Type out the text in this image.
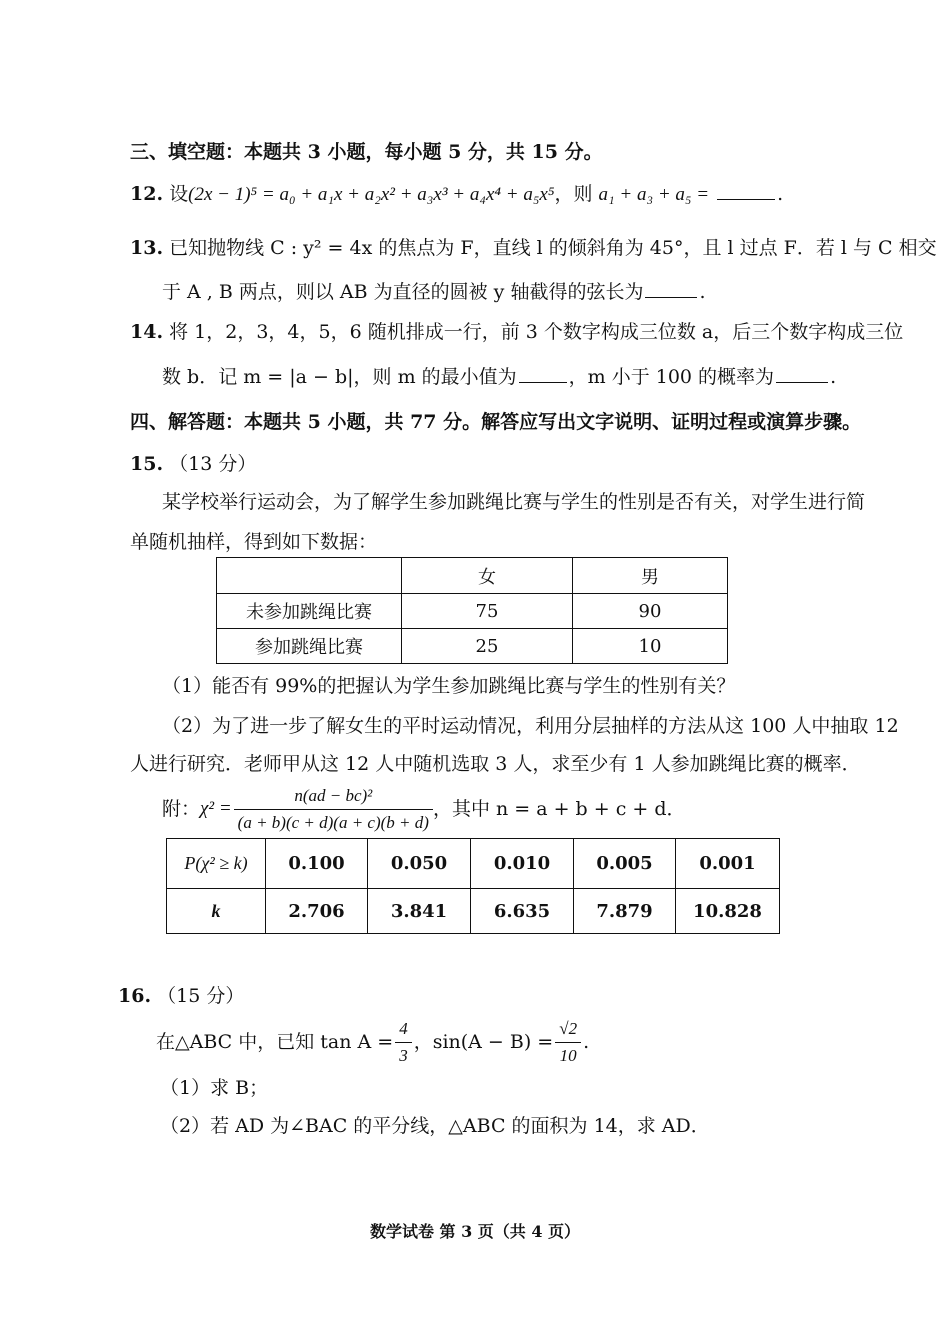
三、填空题：本题共 3 小题，每小题 5 分，共 15 分。
12. 设(2x − 1)⁵ = a₀ + a₁x + a₂x² + a₃x³ + a₄x⁴ + a₅x⁵，则 a₁ + a₃ + a₅ =	.
13. 已知抛物线 C : y² = 4x 的焦点为 F，直线 l 的倾斜角为 45°，且 l 过点 F．若 l 与 C 相交
于 A , B 两点，则以 AB 为直径的圆被 y 轴截得的弦长为	.
14. 将 1，2，3，4，5，6 随机排成一行，前 3 个数字构成三位数 a，后三个数字构成三位
数 b．记 m = |a − b|，则 m 的最小值为	，m 小于 100 的概率为	.
四、解答题：本题共 5 小题，共 77 分。解答应写出文字说明、证明过程或演算步骤。
15. （13 分）
某学校举行运动会，为了解学生参加跳绳比赛与学生的性别是否有关，对学生进行简
单随机抽样，得到如下数据：
	女	男
未参加跳绳比赛	75	90
参加跳绳比赛	25	10
（1）能否有 99%的把握认为学生参加跳绳比赛与学生的性别有关？
（2）为了进一步了解女生的平时运动情况，利用分层抽样的方法从这 100 人中抽取 12
人进行研究．老师甲从这 12 人中随机选取 3 人，求至少有 1 人参加跳绳比赛的概率．
附： $\chi^2 = \frac{\text{n(ad − bc)²}}{(a + b)(c + d)(a + c)(b + d)}$ ，其中 n = a + b + c + d．
P(χ² ≥ k)	0.100	0.050	0.010	0.005	0.001
k	2.706	3.841	6.635	7.879	10.828
16. （15 分）
在△ABC 中，已知 $\tan A = \frac{4}{3}$ ，$\sin(A - B) = \frac{√2}{10}$ .
（1）求 B；
（2）若 AD 为∠BAC 的平分线，△ABC 的面积为 14，求 AD．
数学试卷 第 3 页（共 4 页）
